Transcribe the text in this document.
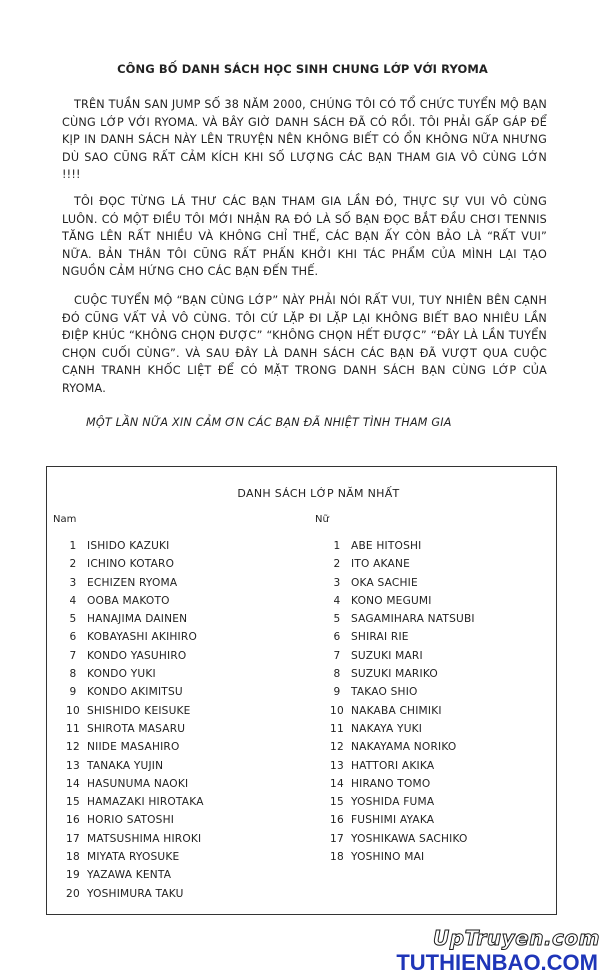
CÔNG BỐ DANH SÁCH HỌC SINH CHUNG LỚP VỚI RYOMA

TRÊN TUẦN SAN JUMP SỐ 38 NĂM 2000, CHÚNG TÔI CÓ TỔ CHỨC TUYỂN MỘ BẠN CÙNG LỚP VỚI RYOMA. VÀ BÂY GIỜ DANH SÁCH ĐÃ CÓ RỒI. TÔI PHẢI GẤP GÁP ĐỂ KỊP IN DANH SÁCH NÀY LÊN TRUYỆN NÊN KHÔNG BIẾT CÓ ỔN KHÔNG NỮA NHƯNG DÙ SAO CŨNG RẤT CẢM KÍCH KHI SỐ LƯỢNG CÁC BẠN THAM GIA VÔ CÙNG LỚN !!!!

TÔI ĐỌC TỪNG LÁ THƯ CÁC BẠN THAM GIA LẦN ĐÓ, THỰC SỰ VUI VÔ CÙNG LUÔN. CÓ MỘT ĐIỀU TÔI MỚI NHẬN RA ĐÓ LÀ SỐ BẠN ĐỌC BẮT ĐẦU CHƠI TENNIS TĂNG LÊN RẤT NHIỀU VÀ KHÔNG CHỈ THẾ, CÁC BẠN ẤY CÒN BẢO LÀ “RẤT VUI” NỮA. BẢN THÂN TÔI CŨNG RẤT PHẤN KHỞI KHI TÁC PHẨM CỦA MÌNH LẠI TẠO NGUỒN CẢM HỨNG CHO CÁC BẠN ĐẾN THẾ.

CUỘC TUYỂN MỘ “BẠN CÙNG LỚP” NÀY PHẢI NÓI RẤT VUI, TUY NHIÊN BÊN CẠNH ĐÓ CŨNG VẤT VẢ VÔ CÙNG. TÔI CỨ LẶP ĐI LẶP LẠI KHÔNG BIẾT BAO NHIÊU LẦN ĐIỆP KHÚC “KHÔNG CHỌN ĐƯỢC” “KHÔNG CHỌN HẾT ĐƯỢC” “ĐÂY LÀ LẦN TUYỂN CHỌN CUỐI CÙNG”. VÀ SAU ĐÂY LÀ DANH SÁCH CÁC BẠN ĐÃ VƯỢT QUA CUỘC CẠNH TRANH KHỐC LIỆT ĐỂ CÓ MẶT TRONG DANH SÁCH BẠN CÙNG LỚP CỦA RYOMA.

MỘT LẦN NỮA XIN CẢM ƠN CÁC BẠN ĐÃ NHIỆT TÌNH THAM GIA
DANH SÁCH LỚP NĂM NHẤT
Nam	Nữ
1 ISHIDO KAZUKI
2 ICHINO KOTARO
3 ECHIZEN RYOMA
4 OOBA MAKOTO
5 HANAJIMA DAINEN
6 KOBAYASHI AKIHIRO
7 KONDO YASUHIRO
8 KONDO YUKI
9 KONDO AKIMITSU
10 SHISHIDO KEISUKE
11 SHIROTA MASARU
12 NIIDE MASAHIRO
13 TANAKA YUJIN
14 HASUNUMA NAOKI
15 HAMAZAKI HIROTAKA
16 HORIO SATOSHI
17 MATSUSHIMA HIROKI
18 MIYATA RYOSUKE
19 YAZAWA KENTA
20 YOSHIMURA TAKU
1 ABE HITOSHI
2 ITO AKANE
3 OKA SACHIE
4 KONO MEGUMI
5 SAGAMIHARA NATSUBI
6 SHIRAI RIE
7 SUZUKI MARI
8 SUZUKI MARIKO
9 TAKAO SHIO
10 NAKABA CHIMIKI
11 NAKAYA YUKI
12 NAKAYAMA NORIKO
13 HATTORI AKIKA
14 HIRANO TOMO
15 YOSHIDA FUMA
16 FUSHIMI AYAKA
17 YOSHIKAWA SACHIKO
18 YOSHINO MAI
UpTruyen.com
TUTHIENBAO.COM
